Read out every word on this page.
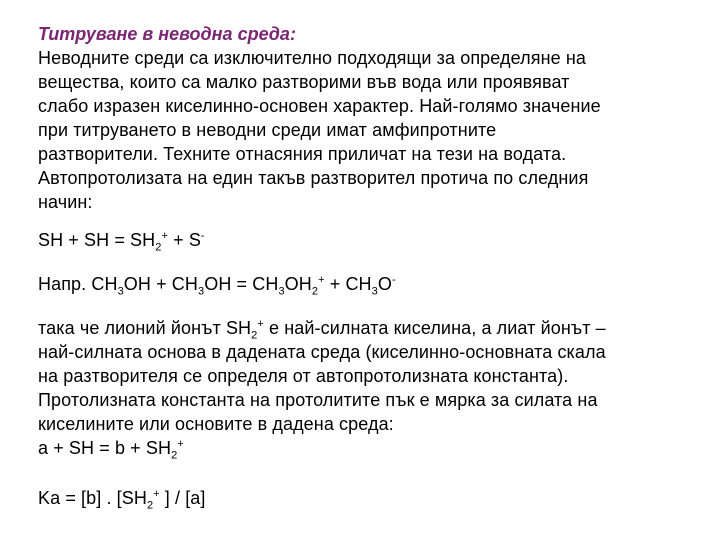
Титруване в неводна среда:
Неводните среди са изключително подходящи за определяне на
вещества, които са малко разтворими във вода или проявяват
слабо изразен киселинно-основен характер. Най-голямо значение
при титруването в неводни среди имат амфипротните
разтворители. Техните отнасяния приличат на тези на водата.
Автопротолизата на един такъв разтворител протича по следния
начин:
SH + SH = $SH_2^+ + S^-$
Напр. $CH_3OH + CH_3OH = CH_3OH_2^+ + CH_3O^-$
така че лионий йонът $SH_2^+$ е най-силната киселина, а лиат йонът –
най-силната основа в дадената среда (киселинно-основната скала
на разтворителя се определя от автопротолизната константа).
Протолизната константа на протолитите пък е мярка за силата на
киселините или основите в дадена среда:
a + SH = $b + SH_2^+$
Ka = [b] . [$SH_2^+$ ] / [a]
